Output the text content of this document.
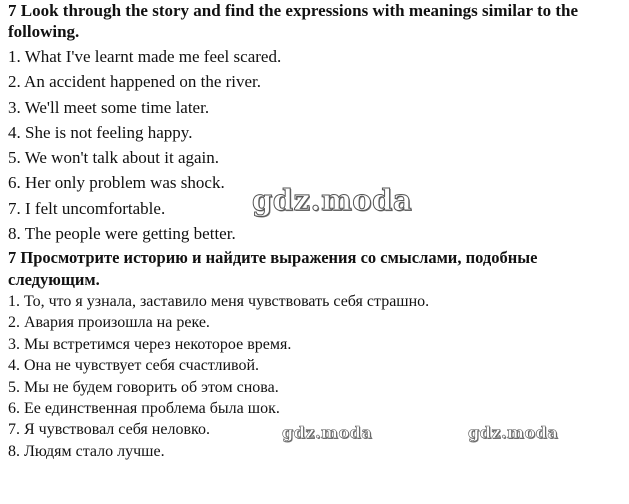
7 Look through the story and find the expressions with meanings similar to the following.

1. What I've learnt made me feel scared.
2. An accident happened on the river.
3. We'll meet some time later.
4. She is not feeling happy.
5. We won't talk about it again.
6. Her only problem was shock.
7. I felt uncomfortable.
8. The people were getting better.

7 Просмотрите историю и найдите выражения со смыслами, подобные следующим.

1. То, что я узнала, заставило меня чувствовать себя страшно.
2. Авария произошла на реке.
3. Мы встретимся через некоторое время.
4. Она не чувствует себя счастливой.
5. Мы не будем говорить об этом снова.
6. Ее единственная проблема была шок.
7. Я чувствовал себя неловко.
8. Людям стало лучше.
gdz.moda
gdz.moda	gdz.moda
